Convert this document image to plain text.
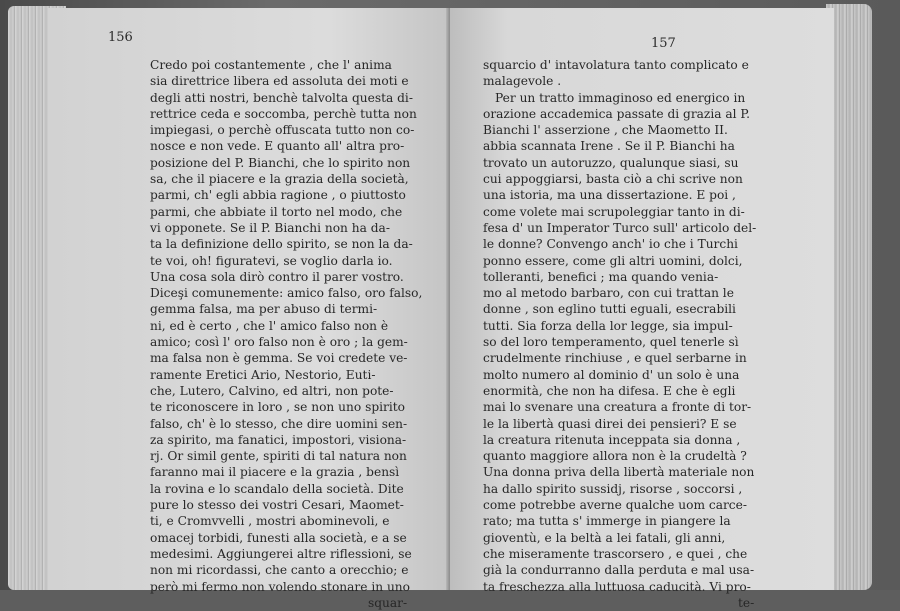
Credo poi costantemente , che l' anima
sia direttrice libera ed assoluta dei moti e
degli atti nostri, benchè talvolta questa di-
rettrice ceda e soccomba, perchè tutta non
impiegasi, o perchè offuscata tutto non co-
nosce e non vede. E quanto all' altra pro-
posizione del P. Bianchi, che lo spirito non
sa, che il piacere e la grazia della società,
parmi, ch' egli abbia ragione , o piuttosto
parmi, che abbiate il torto nel modo, che
vi opponete. Se il P. Bianchi non ha da-
ta la definizione dello spirito, se non la da-
te voi, oh! figuratevi, se voglio darla io.
Una cosa sola dirò contro il parer vostro.
Diceşi comunemente: amico falso, oro falso,
gemma falsa, ma per abuso di termi-
ni, ed è certo , che l' amico falso non è
amico; così l' oro falso non è oro ; la gem-
ma falsa non è gemma. Se voi credete ve-
ramente Eretici Ario, Nestorio, Euti-
che, Lutero, Calvino, ed altri, non pote-
te riconoscere in loro , se non uno spirito
falso, ch' è lo stesso, che dire uomini sen-
za spirito, ma fanatici, impostori, visiona-
rj. Or simil gente, spiriti di tal natura non
faranno mai il piacere e la grazia , bensì
la rovina e lo scandalo della società. Dite
pure lo stesso dei vostri Cesari, Maomet-
ti, e Cromvvelli , mostri abominevoli, e
omacej torbidi, funesti alla società, e a se
medesimi. Aggiungerei altre riflessioni, se
non mi ricordassi, che canto a orecchio; e
però mi fermo non volendo stonare in uno
squar-
squarcio d' intavolatura tanto complicato e
malagevole .
Per un tratto immaginoso ed energico in
orazione accademica passate di grazia al P.
Bianchi l' asserzione , che Maometto II.
abbia scannata Irene . Se il P. Bianchi ha
trovato un autoruzzo, qualunque siasi, su
cui appoggiarsi, basta ciò a chi scrive non
una istoria, ma una dissertazione. E poi ,
come volete mai scrupoleggiar tanto in di-
fesa d' un Imperator Turco sull' articolo del-
le donne? Convengo anch' io che i Turchi
ponno essere, come gli altri uomini, dolci,
tolleranti, benefici ; ma quando venia-
mo al metodo barbaro, con cui trattan le
donne , son eglino tutti eguali, esecrabili
tutti. Sia forza della lor legge, sia impul-
so del loro temperamento, quel tenerle sì
crudelmente rinchiuse , e quel serbarne in
molto numero al dominio d' un solo è una
enormità, che non ha difesa. E che è egli
mai lo svenare una creatura a fronte di tor-
le la libertà quasi direi dei pensieri? E se
la creatura ritenuta inceppata sia donna ,
quanto maggiore allora non è la crudeltà ?
Una donna priva della libertà materiale non
ha dallo spirito sussidj, risorse , soccorsi ,
come potrebbe averne qualche uom carce-
rato; ma tutta s' immerge in piangere la
gioventù, e la beltà a lei fatali, gli anni,
che miseramente trascorsero , e quei , che
già la condurranno dalla perduta e mal usa-
ta freschezza alla luttuosa caducità. Vi pro-
te-
156	157
